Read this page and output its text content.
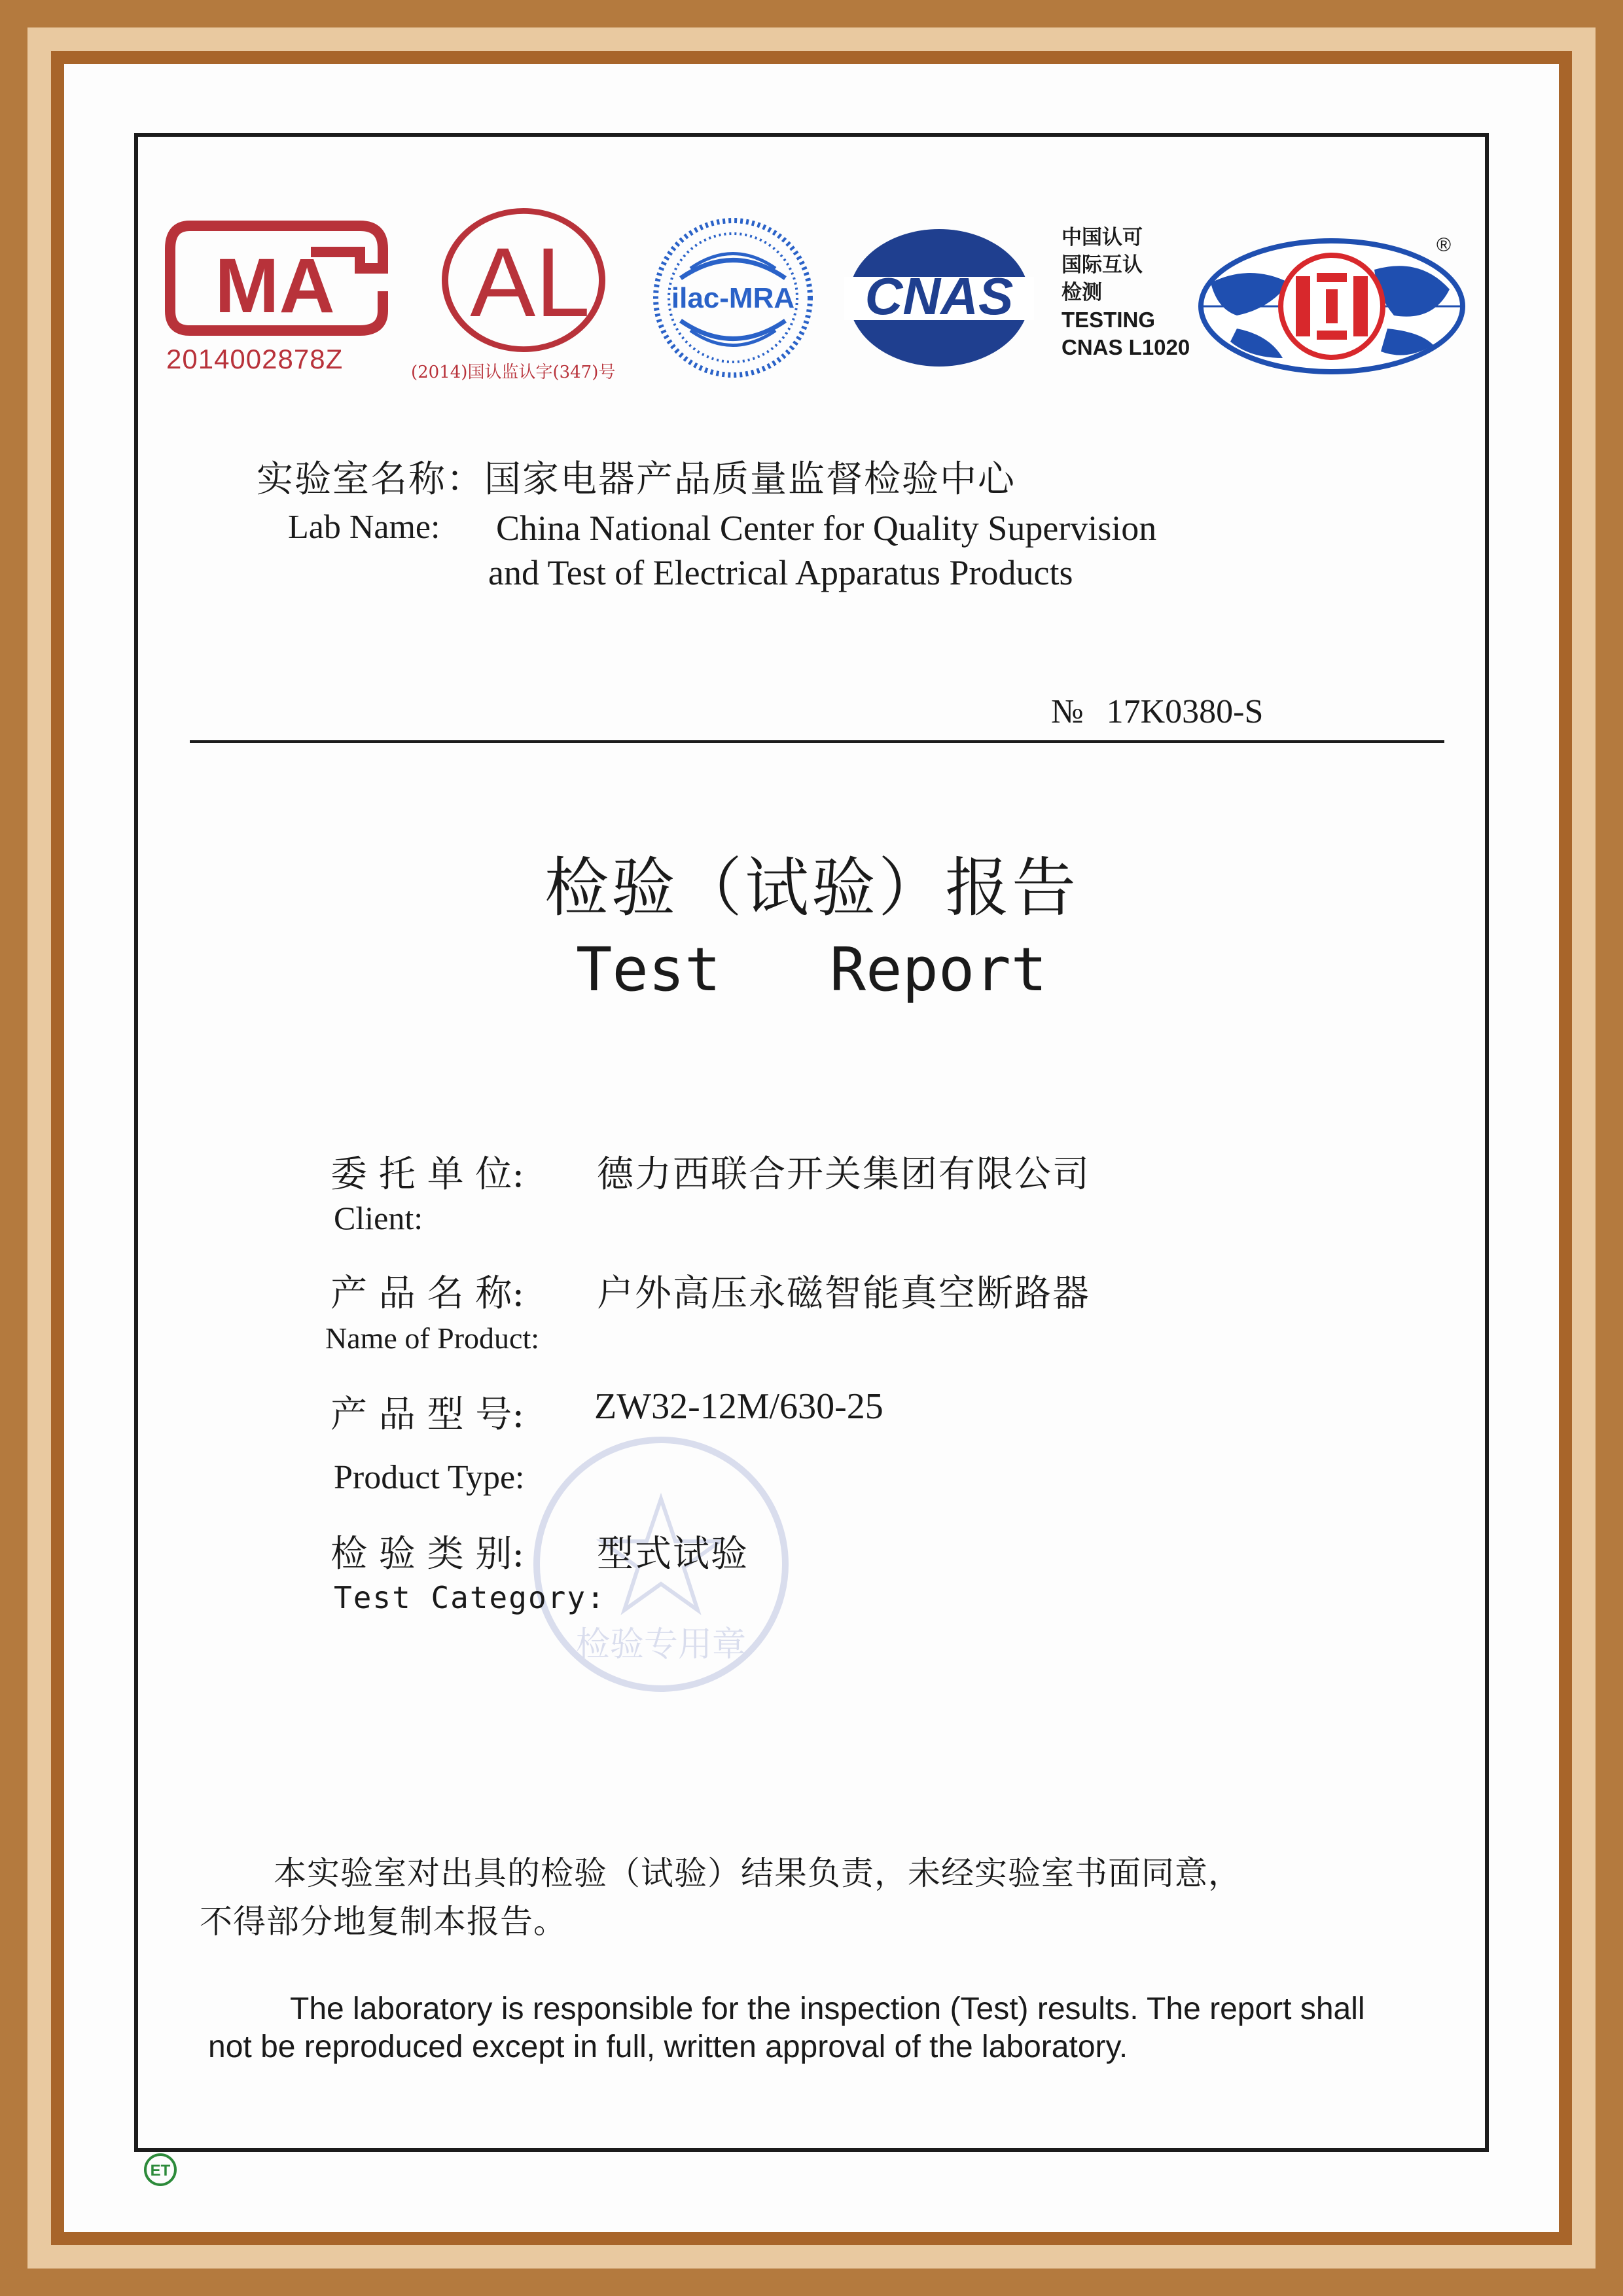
MA
2014002878Z
AL
(2014)国认监认字(347)号
ilac-MRA CNAS
中国认可
国际互认
检测
TESTING
CNAS L1020
®
实验室名称：国家电器产品质量监督检验中心
Lab Name: China National Center for Quality Supervision
and Test of Electrical Apparatus Products
№ 17K0380-S
检验（试验）报告
Test   Report
检验专用章
委 托 单 位: 德力西联合开关集团有限公司
Client:
产 品 名 称: 户外高压永磁智能真空断路器
Name of Product:
产 品 型 号: ZW32-12M/630-25
Product Type:
检 验 类 别: 型式试验
Test Category:
本实验室对出具的检验（试验）结果负责，未经实验室书面同意，
不得部分地复制本报告。
The laboratory is responsible for the inspection (Test) results. The report shall
not be reproduced except in full, written approval of the laboratory.
ET
